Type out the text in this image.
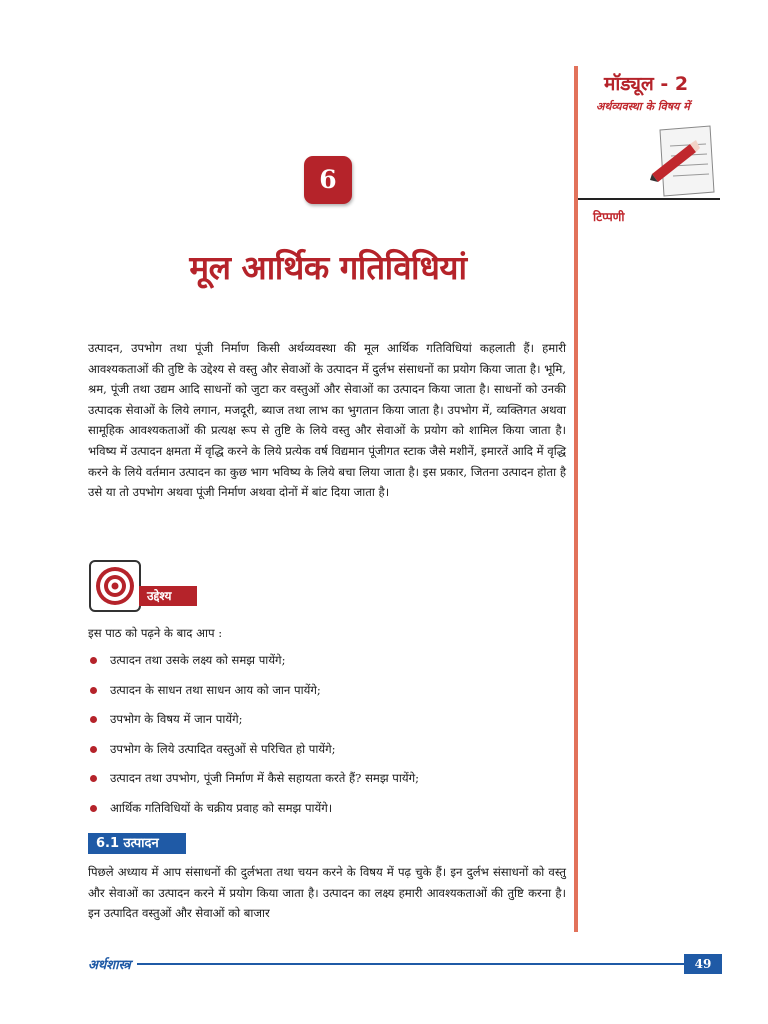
मॉड्यूल - 2
अर्थव्यवस्था के विषय में
टिप्पणी
6
मूल आर्थिक गतिविधियां
उत्पादन, उपभोग तथा पूंजी निर्माण किसी अर्थव्यवस्था की मूल आर्थिक गतिविधियां कहलाती हैं। हमारी आवश्यकताओं की तुष्टि के उद्देश्य से वस्तु और सेवाओं के उत्पादन में दुर्लभ संसाधनों का प्रयोग किया जाता है। भूमि, श्रम, पूंजी तथा उद्यम आदि साधनों को जुटा कर वस्तुओं और सेवाओं का उत्पादन किया जाता है। साधनों को उनकी उत्पादक सेवाओं के लिये लगान, मजदूरी, ब्याज तथा लाभ का भुगतान किया जाता है। उपभोग में, व्यक्तिगत अथवा सामूहिक आवश्यकताओं की प्रत्यक्ष रूप से तुष्टि के लिये वस्तु और सेवाओं के प्रयोग को शामिल किया जाता है। भविष्य में उत्पादन क्षमता में वृद्धि करने के लिये प्रत्येक वर्ष विद्यमान पूंजीगत स्टाक जैसे मशीनें, इमारतें आदि में वृद्धि करने के लिये वर्तमान उत्पादन का कुछ भाग भविष्य के लिये बचा लिया जाता है। इस प्रकार, जितना उत्पादन होता है उसे या तो उपभोग अथवा पूंजी निर्माण अथवा दोनों में बांट दिया जाता है।
उद्देश्य
इस पाठ को पढ़ने के बाद आप :
उत्पादन तथा उसके लक्ष्य को समझ पायेंगे;
उत्पादन के साधन तथा साधन आय को जान पायेंगे;
उपभोग के विषय में जान पायेंगे;
उपभोग के लिये उत्पादित वस्तुओं से परिचित हो पायेंगे;
उत्पादन तथा उपभोग, पूंजी निर्माण में कैसे सहायता करते हैं? समझ पायेंगे;
आर्थिक गतिविधियों के चक्रीय प्रवाह को समझ पायेंगे।
6.1 उत्पादन
पिछले अध्याय में आप संसाधनों की दुर्लभता तथा चयन करने के विषय में पढ़ चुके हैं। इन दुर्लभ संसाधनों को वस्तु और सेवाओं का उत्पादन करने में प्रयोग किया जाता है। उत्पादन का लक्ष्य हमारी आवश्यकताओं की तुष्टि करना है। इन उत्पादित वस्तुओं और सेवाओं को बाजार
अर्थशास्त्र	49
